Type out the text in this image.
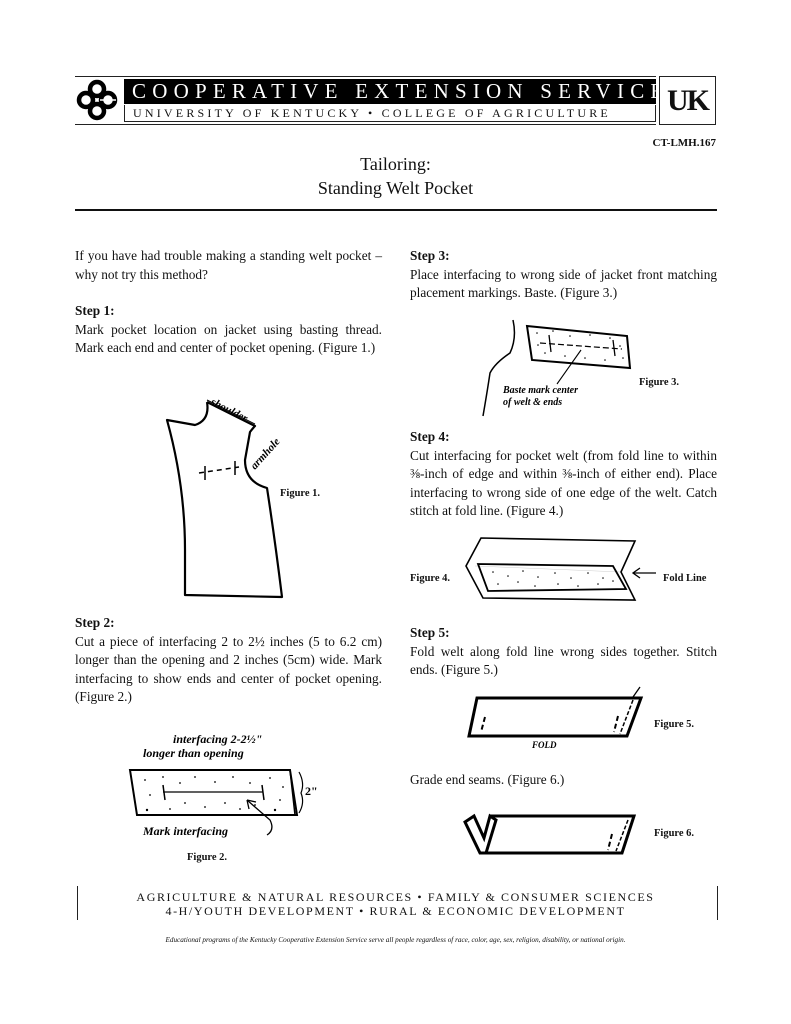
COOPERATIVE EXTENSION SERVICE
UNIVERSITY OF KENTUCKY • COLLEGE OF AGRICULTURE	UK
CT-LMH.167
Tailoring:
Standing Welt Pocket

If you have had trouble making a standing welt pocket – why not try this method?

Step 1:

Mark pocket location on jacket using basting thread. Mark each end and center of pocket opening. (Figure 1.)

shoulder
armhole
Figure 1.

Step 2:

Cut a piece of interfacing 2 to 2½ inches (5 to 6.2 cm) longer than the opening and 2 inches (5cm) wide. Mark interfacing to show ends and center of pocket opening. (Figure 2.)

interfacing 2-2½"
longer than opening
2"
Mark interfacing
Figure 2.

Step 3:

Place interfacing to wrong side of jacket front matching placement markings. Baste. (Figure 3.)

Baste mark center
of welt & ends
Figure 3.

Step 4:

Cut interfacing for pocket welt (from fold line to within ⅜-inch of edge and within ⅜-inch of either end). Place interfacing to wrong side of one edge of the welt. Catch stitch at fold line. (Figure 4.)

Figure 4.	Fold Line

Step 5:

Fold welt along fold line wrong sides together. Stitch ends. (Figure 5.)

FOLD
Figure 5.

Grade end seams. (Figure 6.)

Figure 6.
AGRICULTURE & NATURAL RESOURCES • FAMILY & CONSUMER SCIENCES
4-H/YOUTH DEVELOPMENT • RURAL & ECONOMIC DEVELOPMENT
Educational programs of the Kentucky Cooperative Extension Service serve all people regardless of race, color, age, sex, religion, disability, or national origin.
